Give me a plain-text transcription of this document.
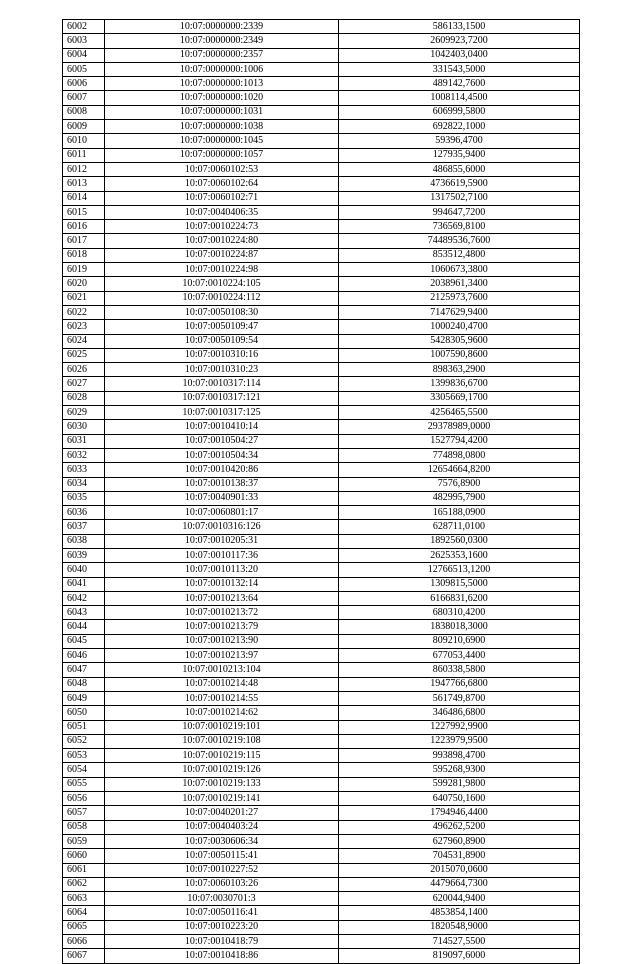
6002	10:07:0000000:2339	586133,1500
6003	10:07:0000000:2349	2609923,7200
6004	10:07:0000000:2357	1042403,0400
6005	10:07:0000000:1006	331543,5000
6006	10:07:0000000:1013	489142,7600
6007	10:07:0000000:1020	1008114,4500
6008	10:07:0000000:1031	606999,5800
6009	10:07:0000000:1038	692822,1000
6010	10:07:0000000:1045	59396,4700
6011	10:07:0000000:1057	127935,9400
6012	10:07:0060102:53	486855,6000
6013	10:07:0060102:64	4736619,5900
6014	10:07:0060102:71	1317502,7100
6015	10:07:0040406:35	994647,7200
6016	10:07:0010224:73	736569,8100
6017	10:07:0010224:80	74489536,7600
6018	10:07:0010224:87	853512,4800
6019	10:07:0010224:98	1060673,3800
6020	10:07:0010224:105	2038961,3400
6021	10:07:0010224:112	2125973,7600
6022	10:07:0050108:30	7147629,9400
6023	10:07:0050109:47	1000240,4700
6024	10:07:0050109:54	5428305,9600
6025	10:07:0010310:16	1007590,8600
6026	10:07:0010310:23	898363,2900
6027	10:07:0010317:114	1399836,6700
6028	10:07:0010317:121	3305669,1700
6029	10:07:0010317:125	4256465,5500
6030	10:07:0010410:14	29378989,0000
6031	10:07:0010504:27	1527794,4200
6032	10:07:0010504:34	774898,0800
6033	10:07:0010420:86	12654664,8200
6034	10:07:0010138:37	7576,8900
6035	10:07:0040901:33	482995,7900
6036	10:07:0060801:17	165188,0900
6037	10:07:0010316:126	628711,0100
6038	10:07:0010205:31	1892560,0300
6039	10:07:0010117:36	2625353,1600
6040	10:07:0010113:20	12766513,1200
6041	10:07:0010132:14	1309815,5000
6042	10:07:0010213:64	6166831,6200
6043	10:07:0010213:72	680310,4200
6044	10:07:0010213:79	1838018,3000
6045	10:07:0010213:90	809210,6900
6046	10:07:0010213:97	677053,4400
6047	10:07:0010213:104	860338,5800
6048	10:07:0010214:48	1947766,6800
6049	10:07:0010214:55	561749,8700
6050	10:07:0010214:62	346486,6800
6051	10:07:0010219:101	1227992,9900
6052	10:07:0010219:108	1223979,9500
6053	10:07:0010219:115	993898,4700
6054	10:07:0010219:126	595268,9300
6055	10:07:0010219:133	599281,9800
6056	10:07:0010219:141	640750,1600
6057	10:07:0040201:27	1794946,4400
6058	10:07:0040403:24	496262,5200
6059	10:07:0030606:34	627960,8900
6060	10:07:0050115:41	704531,8900
6061	10:07:0010227:52	2015070,0600
6062	10:07:0060103:26	4479664,7300
6063	10:07:0030701:3	620044,9400
6064	10:07:0050116:41	4853854,1400
6065	10:07:0010223:20	1820548,9000
6066	10:07:0010418:79	714527,5500
6067	10:07:0010418:86	819097,6000
